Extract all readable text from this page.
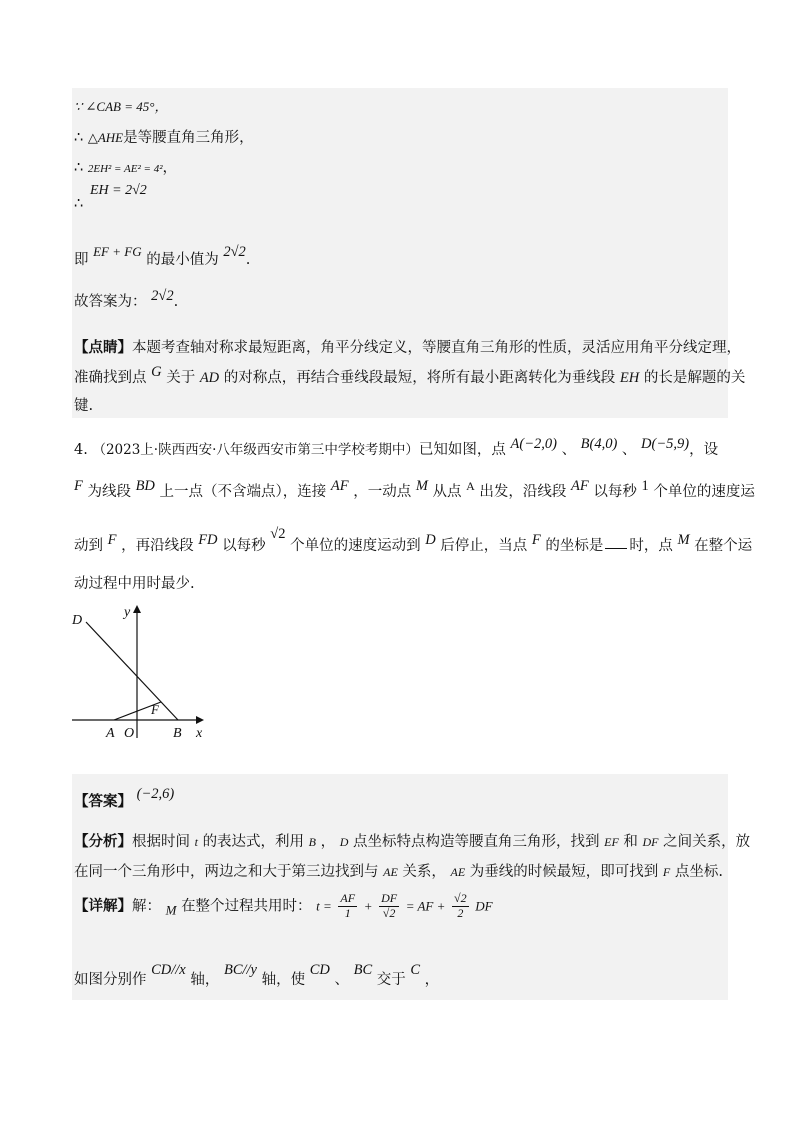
∵ ∠CAB = 45°，
∴ △AHE是等腰直角三角形，
∴ 2EH² = AE² = 4²，
EH = 2√2
∴
即 EF + FG 的最小值为 2√2.
故答案为： 2√2.
【点睛】本题考查轴对称求最短距离，角平分线定义，等腰直角三角形的性质，灵活应用角平分线定理，
准确找到点 G 关于 AD 的对称点，再结合垂线段最短，将所有最小距离转化为垂线段 EH 的长是解题的关
键.
4. （2023上·陕西西安·八年级西安市第三中学校考期中）已知如图，点 A(−2,0) 、 B(4,0) 、 D(−5,9)，设
F 为线段 BD 上一点（不含端点），连接 AF ，一动点 M 从点 $^A$ 出发，沿线段 AF 以每秒 1 个单位的速度运
动到 F ，再沿线段 FD 以每秒 √2 个单位的速度运动到 D 后停止，当点 F 的坐标是 时，点 M 在整个运
动过程中用时最少.
D
y
F
A O	B x
【答案】 (−2,6)
【分析】根据时间 t 的表达式，利用 B ， D 点坐标特点构造等腰直角三角形，找到 EF 和 DF 之间关系，放
在同一个三角形中，两边之和大于第三边找到与 AE 关系， AE 为垂线的时候最短，即可找到 F 点坐标.
【详解】解： M 在整个过程共用时： $t = \frac{AF}{1} + \frac{DF}{√2}$ = AF + $\frac{√2}{2}$ DF
如图分别作 CD//x 轴， BC//y 轴，使 CD 、 BC 交于 C ，
